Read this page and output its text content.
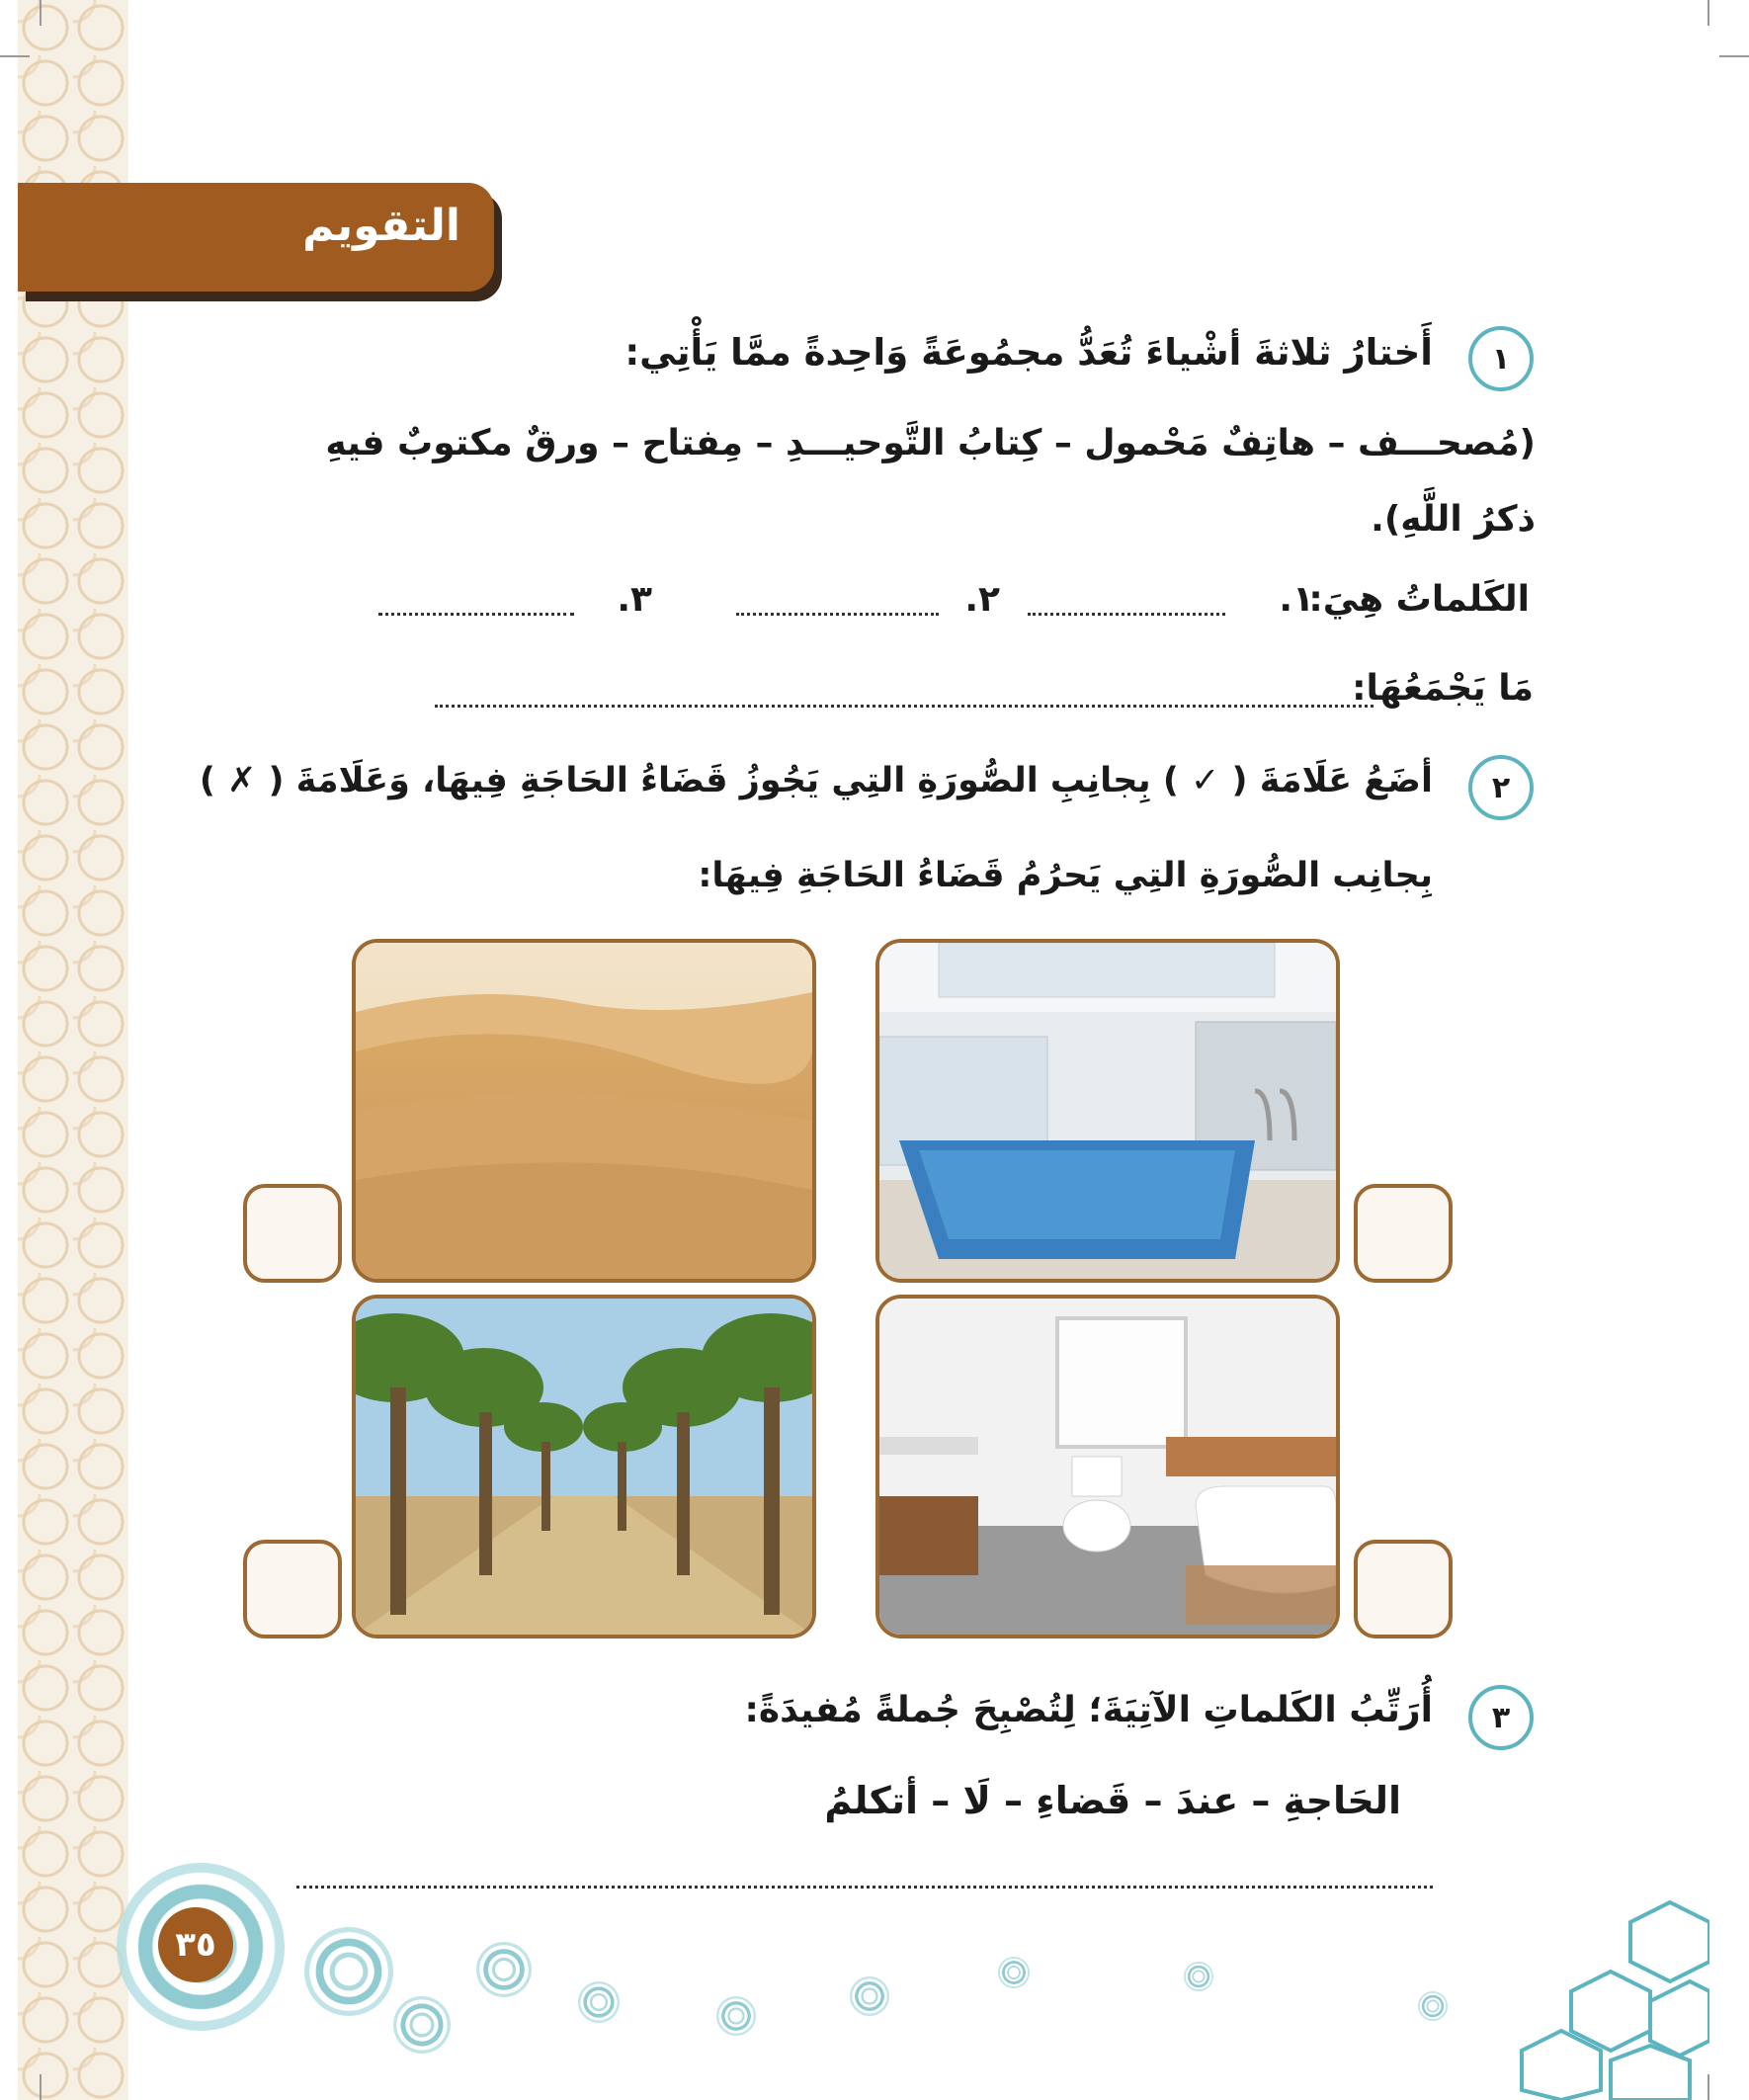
التقويم
١
أَختارُ ثلاثةَ أشْياءَ تُعَدُّ مجمُوعَةً وَاحِدةً ممَّا يَأْتِي:
(مُصحـــف – هاتِفٌ مَحْمول – كِتابُ التَّوحيـــدِ – مِفتاح – ورقٌ مكتوبٌ فيهِ
ذكرُ اللَّهِ).
الكَلماتُ هِيَ:
١.
٢.
٣.
مَا يَجْمَعُهَا:
٢
أضَعُ عَلَامَةَ ( ✓ ) بِجانِبِ الصُّورَةِ التِي يَجُوزُ قَضَاءُ الحَاجَةِ فِيهَا، وَعَلَامَةَ ( ✗ )
بِجانِب الصُّورَةِ التِي يَحرُمُ قَضَاءُ الحَاجَةِ فِيهَا:
٣
أُرَتِّبُ الكَلماتِ الآتِيَةَ؛ لِتُصْبِحَ جُملةً مُفيدَةً:
الحَاجةِ – عندَ – قَضاءِ – لَا – أتكلمُ
٣٥
